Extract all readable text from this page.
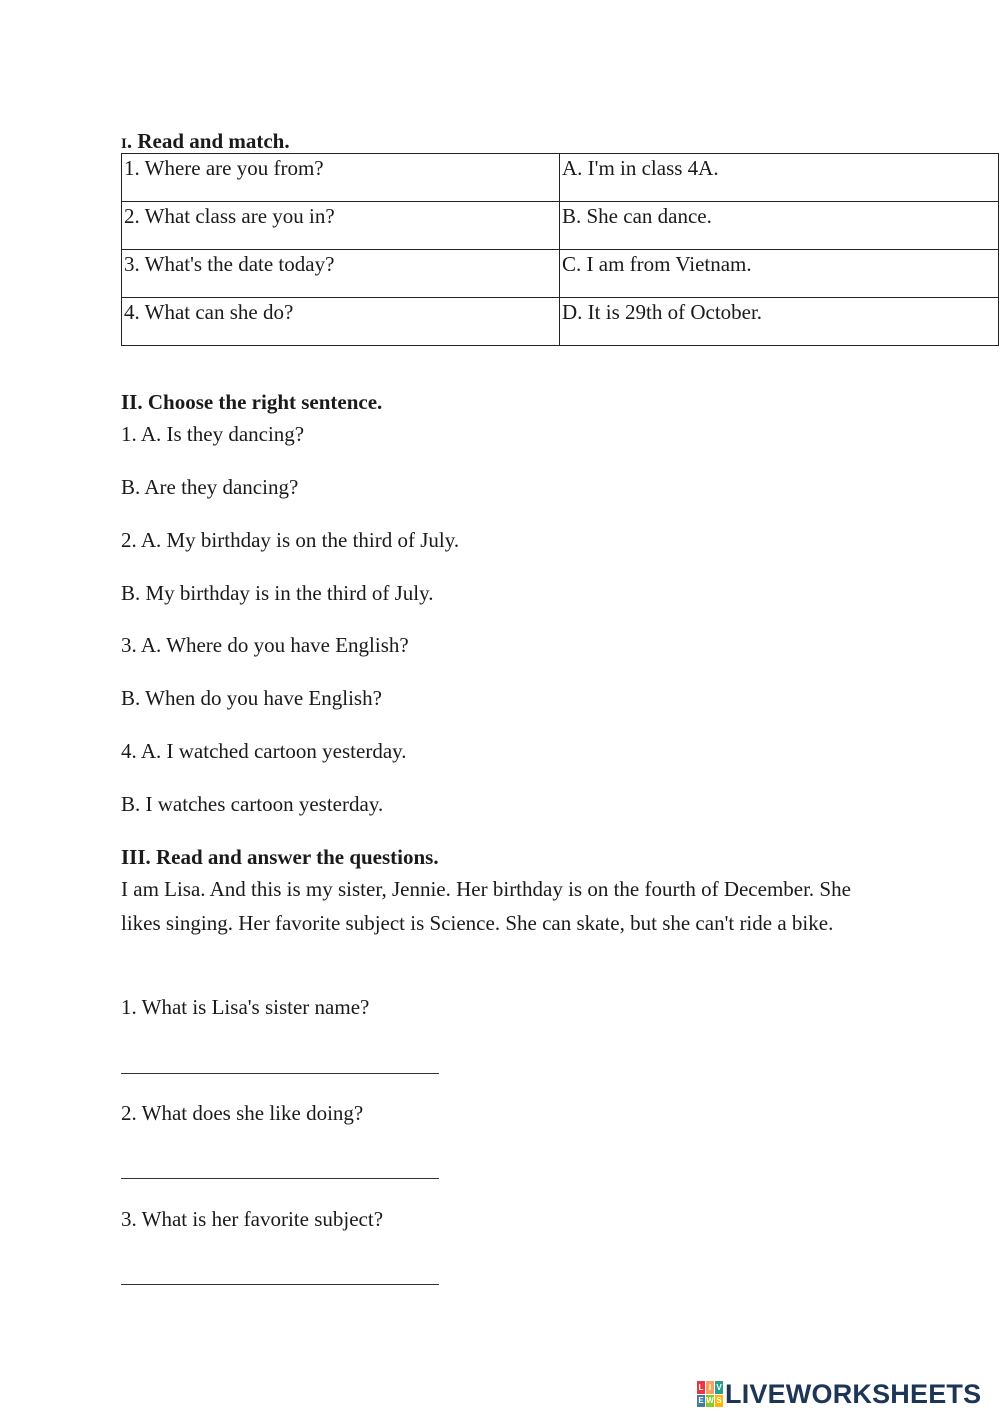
I. Read and match.
1. Where are you from?	A. I'm in class 4A.
2. What class are you in?	B. She can dance.
3. What's the date today?	C. I am from Vietnam.
4. What can she do?	D. It is 29th of October.
II. Choose the right sentence.

1. A. Is they dancing?

B. Are they dancing?

2. A. My birthday is on the third of July.

B. My birthday is in the third of July.

3. A. Where do you have English?

B. When do you have English?

4. A. I watched cartoon yesterday.

B. I watches cartoon yesterday.

III. Read and answer the questions.

I am Lisa. And this is my sister, Jennie. Her birthday is on the fourth of December. She likes singing. Her favorite subject is Science. She can skate, but she can't ride a bike.

1. What is Lisa's sister name?

2. What does she like doing?

3. What is her favorite subject?

L I V
E W S LIVEWORKSHEETS
